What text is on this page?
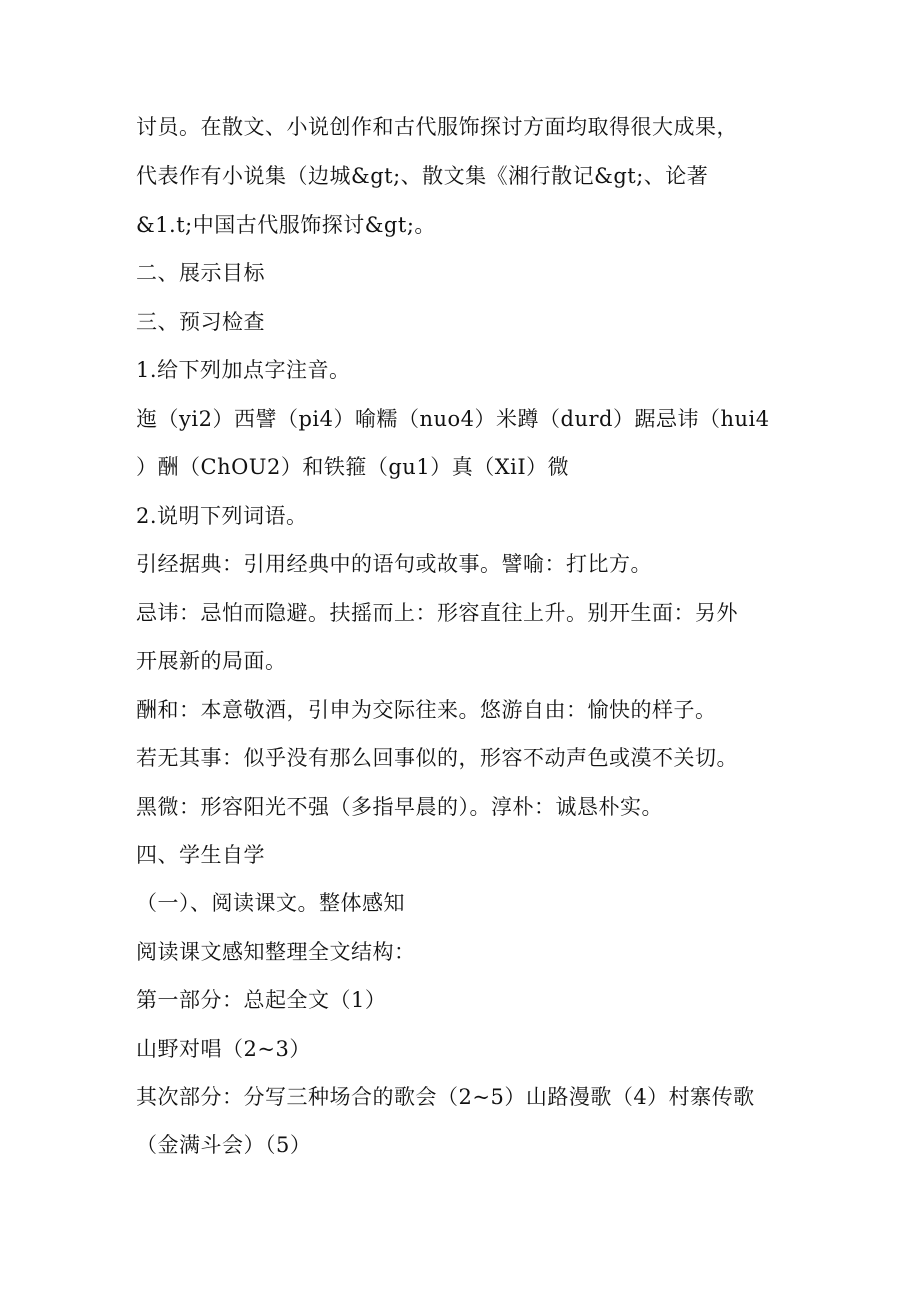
讨员。在散文、小说创作和古代服饰探讨方面均取得很大成果，
代表作有小说集（边城&gt;、散文集《湘行散记&gt;、论著
&1.t;中国古代服饰探讨&gt;。
二、展示目标
三、预习检查
1.给下列加点字注音。
迤（yi2）西譬（pi4）喻糯（nuo4）米蹲（durd）踞忌讳（hui4
）酬（ChOU2）和铁箍（gu1）真（XiI）微
2.说明下列词语。
引经据典：引用经典中的语句或故事。譬喻：打比方。
忌讳：忌怕而隐避。扶摇而上：形容直往上升。别开生面：另外
开展新的局面。
酬和：本意敬酒，引申为交际往来。悠游自由：愉快的样子。
若无其事：似乎没有那么回事似的，形容不动声色或漠不关切。
黑微：形容阳光不强（多指早晨的）。淳朴：诚恳朴实。
四、学生自学
（一）、阅读课文。整体感知
阅读课文感知整理全文结构：
第一部分：总起全文（1）
山野对唱（2~3）
其次部分：分写三种场合的歌会（2~5）山路漫歌（4）村寨传歌
（金满斗会）（5）
